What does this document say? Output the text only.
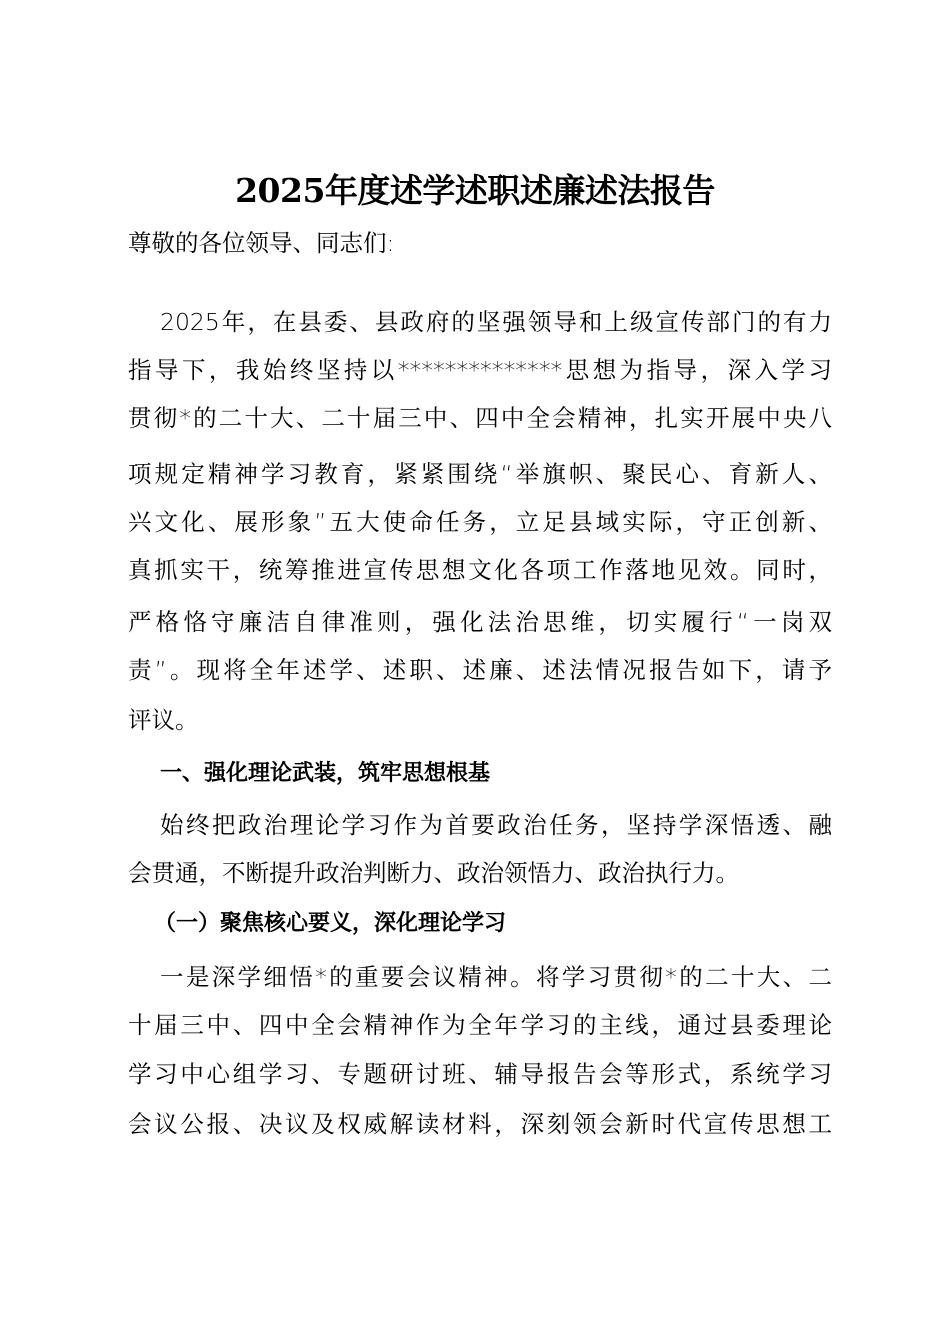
2025年度述学述职述廉述法报告
尊敬的各位领导、同志们:
2025年，在县委、县政府的坚强领导和上级宣传部门的有力
指导下，我始终坚持以**************思想为指导，深入学习
贯彻*的二十大、二十届三中、四中全会精神，扎实开展中央八
项规定精神学习教育，紧紧围绕“举旗帜、聚民心、育新人、
兴文化、展形象”五大使命任务，立足县域实际，守正创新、
真抓实干，统筹推进宣传思想文化各项工作落地见效。同时，
严格恪守廉洁自律准则，强化法治思维，切实履行“一岗双
责”。现将全年述学、述职、述廉、述法情况报告如下，请予
评议。
一、强化理论武装，筑牢思想根基
始终把政治理论学习作为首要政治任务，坚持学深悟透、融
会贯通，不断提升政治判断力、政治领悟力、政治执行力。
（一）聚焦核心要义，深化理论学习
一是深学细悟*的重要会议精神。将学习贯彻*的二十大、二
十届三中、四中全会精神作为全年学习的主线，通过县委理论
学习中心组学习、专题研讨班、辅导报告会等形式，系统学习
会议公报、决议及权威解读材料，深刻领会新时代宣传思想工
